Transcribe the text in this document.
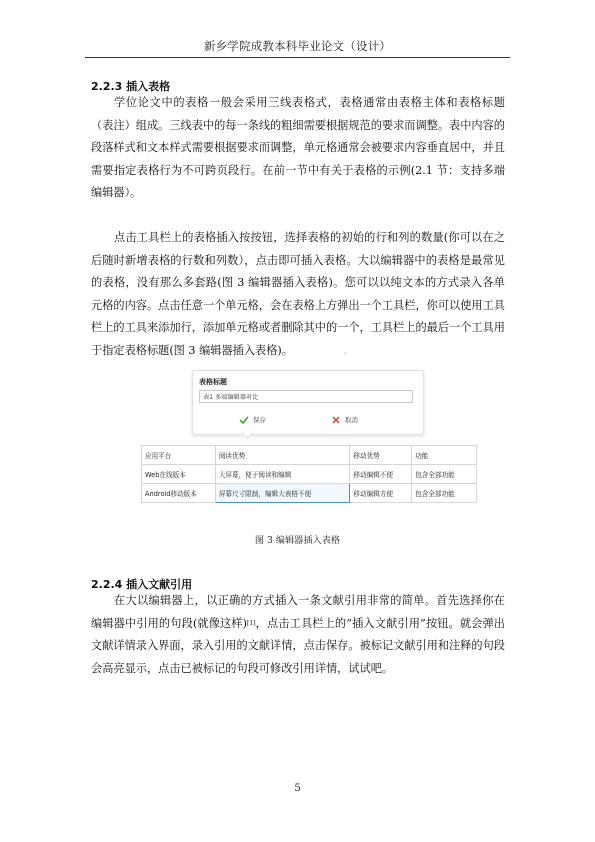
新乡学院成教本科毕业论文（设计）
2.2.3 插入表格

学位论文中的表格一般会采用三线表格式，表格通常由表格主体和表格标题（表注）组成。三线表中的每一条线的粗细需要根据规范的要求而调整。表中内容的段落样式和文本样式需要根据要求而调整，单元格通常会被要求内容垂直居中，并且需要指定表格行为不可跨页段行。在前一节中有关于表格的示例(2.1 节：支持多端编辑器）。

点击工具栏上的表格插入按按钮，选择表格的初始的行和列的数量(你可以在之后随时新增表格的行数和列数），点击即可插入表格。大以编辑器中的表格是最常见的表格，没有那么多套路(图 3 编辑器插入表格)。您可以以纯文本的方式录入各单元格的内容。点击任意一个单元格，会在表格上方弹出一个工具栏，你可以使用工具栏上的工具来添加行，添加单元格或者删除其中的一个，工具栏上的最后一个工具用于指定表格标题(图 3 编辑器插入表格)。

表格标题
表1 多端编辑器对比
保存	取消
应用平台	阅读优势	移动优势	功能
Web在线版本	大屏幕，便于阅读和编辑	移动编辑不便	包含全部功能
Android移动版本	屏幕尺寸限制，编辑大表格不便	移动编辑方便	包含全部功能
图 3 编辑器插入表格
2.2.4 插入文献引用

在大以编辑器上，以正确的方式插入一条文献引用非常的简单。首先选择你在编辑器中引用的句段(就像这样)[1]，点击工具栏上的“插入文献引用”按钮。就会弹出文献详情录入界面，录入引用的文献详情，点击保存。被标记文献引用和注释的句段会高亮显示，点击已被标记的句段可修改引用详情，试试吧。

5
